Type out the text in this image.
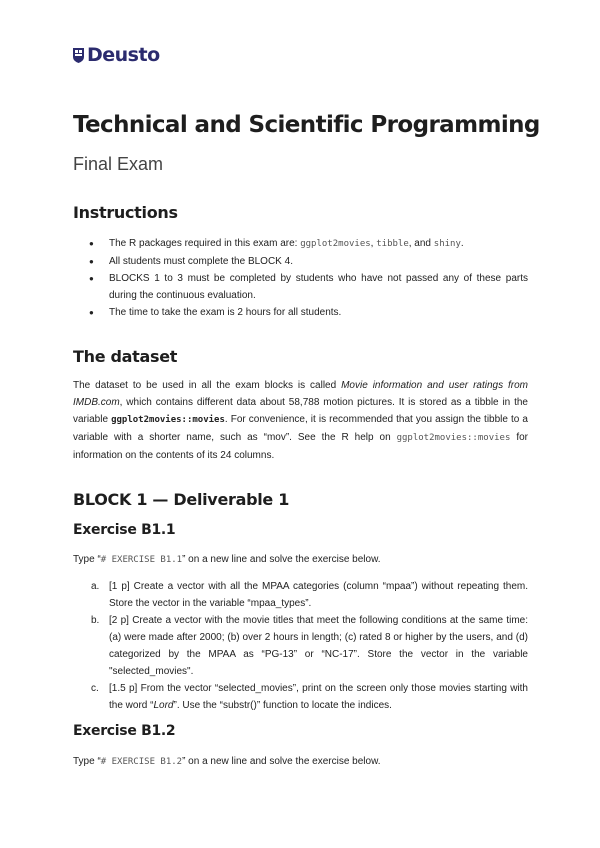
Deusto
Technical and Scientific Programming

Final Exam

Instructions
● The R packages required in this exam are: ggplot2movies, tibble, and shiny.
● All students must complete the BLOCK 4.
● BLOCKS 1 to 3 must be completed by students who have not passed any of these parts during the continuous evaluation.
● The time to take the exam is 2 hours for all students.
The dataset

The dataset to be used in all the exam blocks is called Movie information and user ratings from IMDB.com, which contains different data about 58,788 motion pictures. It is stored as a tibble in the variable ggplot2movies::movies. For convenience, it is recommended that you assign the tibble to a variable with a shorter name, such as “mov”. See the R help on ggplot2movies::movies for information on the contents of its 24 columns.

BLOCK 1 — Deliverable 1
Exercise B1.1

Type “# EXERCISE B1.1” on a new line and solve the exercise below.

a. [1 p] Create a vector with all the MPAA categories (column “mpaa”) without repeating them. Store the vector in the variable “mpaa_types”.
b. [2 p] Create a vector with the movie titles that meet the following conditions at the same time: (a) were made after 2000; (b) over 2 hours in length; (c) rated 8 or higher by the users, and (d) categorized by the MPAA as “PG-13” or “NC-17”. Store the vector in the variable "selected_movies".
c. [1.5 p] From the vector “selected_movies”, print on the screen only those movies starting with the word “Lord”. Use the “substr()” function to locate the indices.
Exercise B1.2

Type “# EXERCISE B1.2” on a new line and solve the exercise below.
